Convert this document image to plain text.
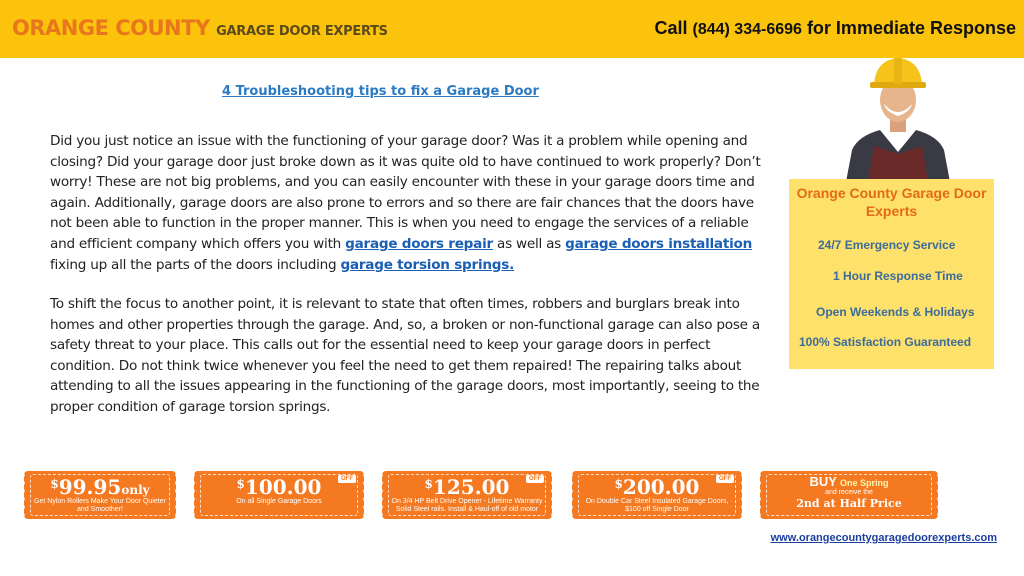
ORANGE COUNTY GARAGE DOOR EXPERTS	Call (844) 334-6696 for Immediate Response
4 Troubleshooting tips to fix a Garage Door
Did you just notice an issue with the functioning of your garage door? Was it a problem while opening and closing? Did your garage door just broke down as it was quite old to have continued to work properly? Don’t worry! These are not big problems, and you can easily encounter with these in your garage doors time and again. Additionally, garage doors are also prone to errors and so there are fair chances that the doors have not been able to function in the proper manner. This is when you need to engage the services of a reliable and efficient company which offers you with garage doors repair as well as garage doors installation fixing up all the parts of the doors including garage torsion springs.
To shift the focus to another point, it is relevant to state that often times, robbers and burglars break into homes and other properties through the garage. And, so, a broken or non-functional garage can also pose a safety threat to your place. This calls out for the essential need to keep your garage doors in perfect condition. Do not think twice whenever you feel the need to get them repaired! The repairing talks about attending to all the issues appearing in the functioning of the garage doors, most importantly, seeing to the proper condition of garage torsion springs.
Orange County Garage Door Experts
24/7 Emergency Service
1 Hour Response Time
Open Weekends & Holidays
100% Satisfaction Guaranteed
$99.95only
Get Nylon Rollers Make Your Door Quieter and Smoother!
OFF
$100.00
On all Single Garage Doors
OFF
$125.00
On 3/4 HP Belt Drive Opener - Lifetime Warranty Solid Steel rails. Install & Haul-off of old motor
OFF
$200.00
On Double Car Steel Insulated Garage Doors, $100 off Single Door
BUY One Spring
and receive the
2nd at Half Price
www.orangecountygaragedoorexperts.com
